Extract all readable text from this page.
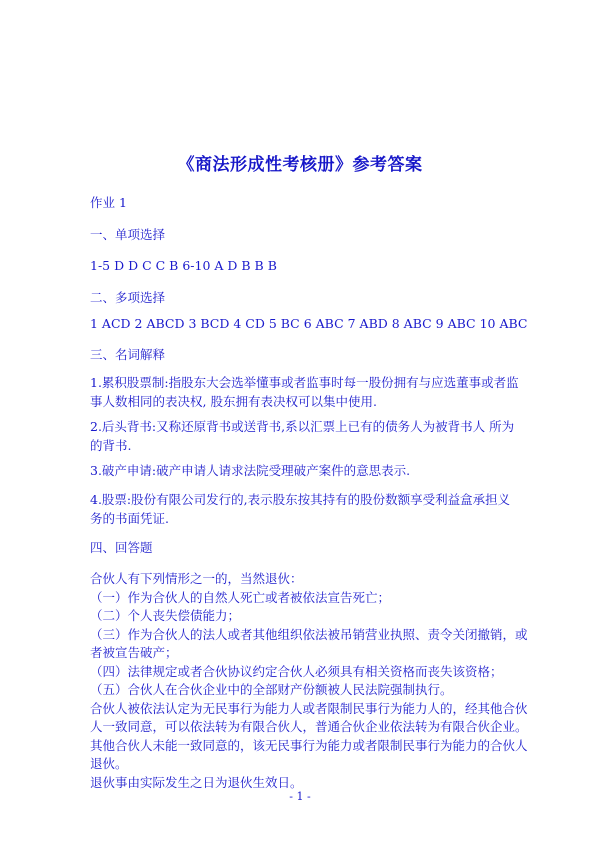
《商法形成性考核册》参考答案
作业 1
一、单项选择
1-5 D D C C B 6-10 A D B B B
二、多项选择
1 ACD 2 ABCD 3 BCD 4 CD 5 BC 6 ABC 7 ABD 8 ABC 9 ABC 10 ABC
三、名词解释
1.累积股票制:指股东大会选举懂事或者监事时每一股份拥有与应选董事或者监事人数相同的表决权, 股东拥有表决权可以集中使用.
2.后头背书:又称还原背书或送背书,系以汇票上已有的债务人为被背书人 所为的背书.
3.破产申请:破产申请人请求法院受理破产案件的意思表示.
4.股票:股份有限公司发行的,表示股东按其持有的股份数额享受利益盒承担义务的书面凭证.
四、回答题
合伙人有下列情形之一的，当然退伙：
（一）作为合伙人的自然人死亡或者被依法宣告死亡；
（二）个人丧失偿债能力；
（三）作为合伙人的法人或者其他组织依法被吊销营业执照、责令关闭撤销，或
者被宣告破产；
（四）法律规定或者合伙协议约定合伙人必须具有相关资格而丧失该资格；
（五）合伙人在合伙企业中的全部财产份额被人民法院强制执行。
合伙人被依法认定为无民事行为能力人或者限制民事行为能力人的，经其他合伙
人一致同意，可以依法转为有限合伙人，普通合伙企业依法转为有限合伙企业。
其他合伙人未能一致同意的，该无民事行为能力或者限制民事行为能力的合伙人
退伙。
退伙事由实际发生之日为退伙生效日。
- 1 -
